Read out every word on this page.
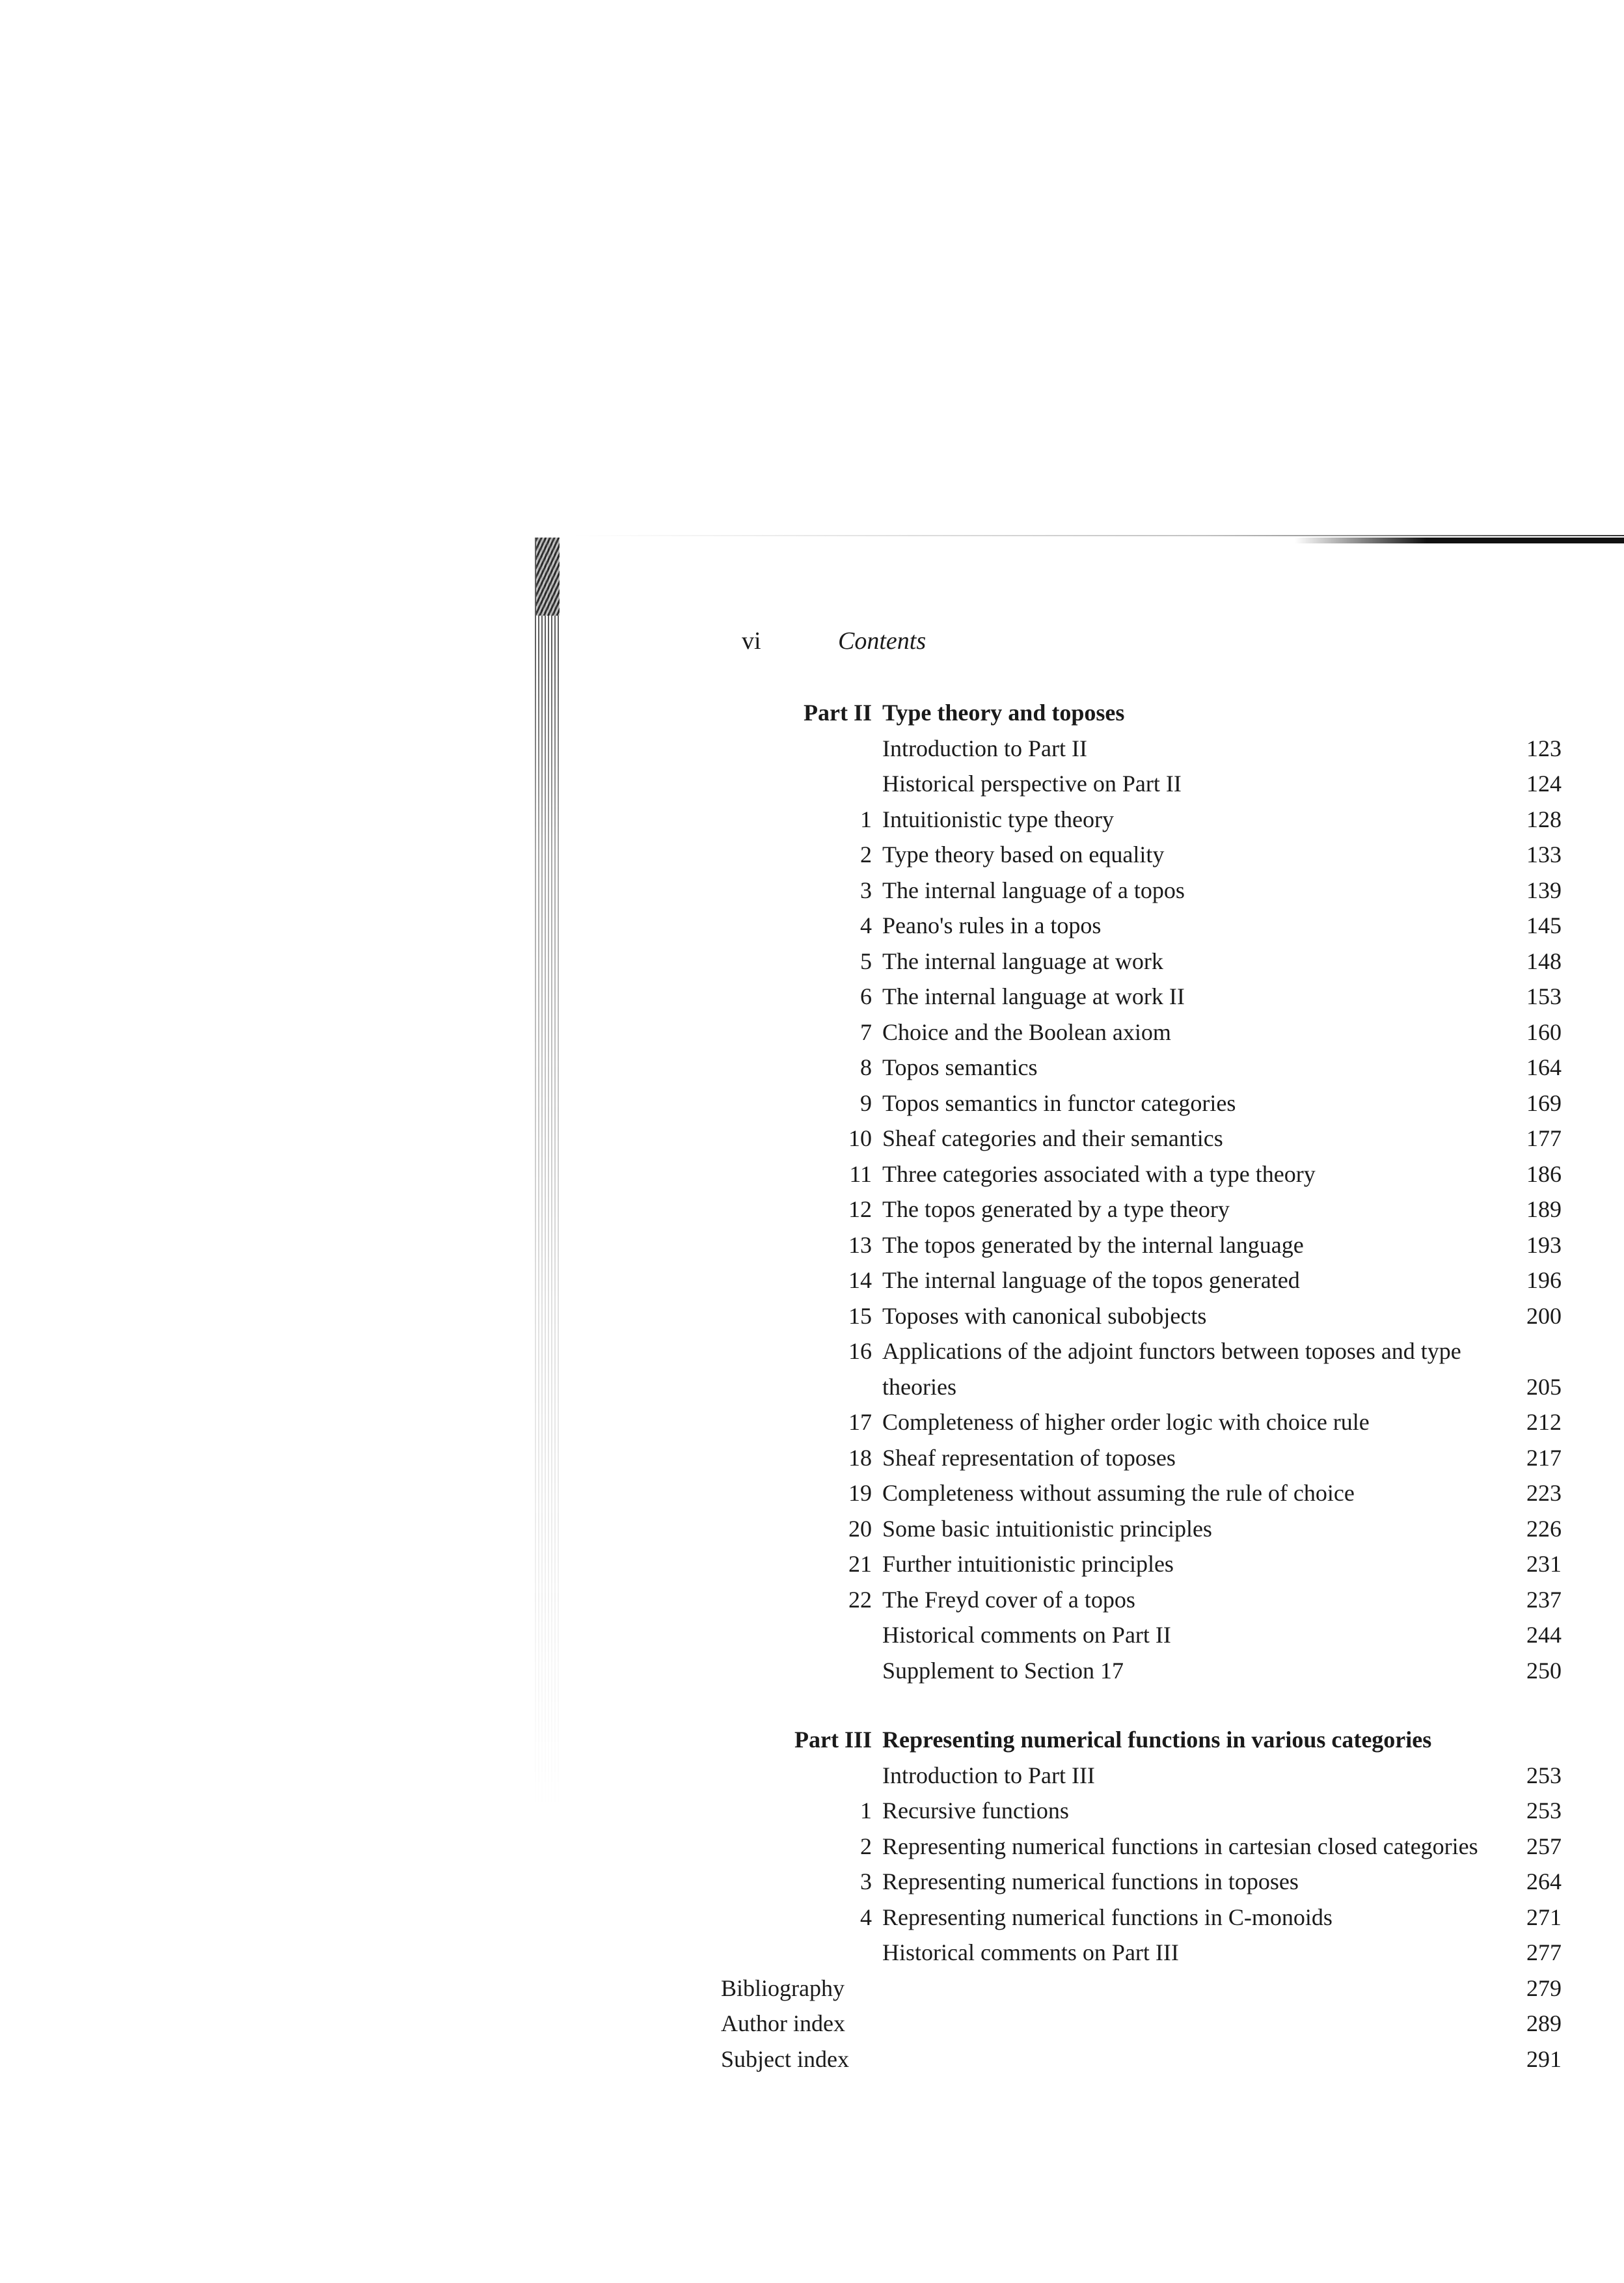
vi	Contents
Part II Type theory and toposes
Introduction to Part II	123
Historical perspective on Part II	124
1 Intuitionistic type theory	128
2 Type theory based on equality	133
3 The internal language of a topos	139
4 Peano's rules in a topos	145
5 The internal language at work	148
6 The internal language at work II	153
7 Choice and the Boolean axiom	160
8 Topos semantics	164
9 Topos semantics in functor categories	169
10 Sheaf categories and their semantics	177
11 Three categories associated with a type theory	186
12 The topos generated by a type theory	189
13 The topos generated by the internal language	193
14 The internal language of the topos generated	196
15 Toposes with canonical subobjects	200
16 Applications of the adjoint functors between toposes and type theories	205
17 Completeness of higher order logic with choice rule	212
18 Sheaf representation of toposes	217
19 Completeness without assuming the rule of choice	223
20 Some basic intuitionistic principles	226
21 Further intuitionistic principles	231
22 The Freyd cover of a topos	237
Historical comments on Part II	244
Supplement to Section 17	250
Part III Representing numerical functions in various categories
Introduction to Part III	253
1 Recursive functions	253
2 Representing numerical functions in cartesian closed categories 257
3 Representing numerical functions in toposes	264
4 Representing numerical functions in C-monoids	271
Historical comments on Part III	277
Bibliography	279
Author index	289
Subject index	291
